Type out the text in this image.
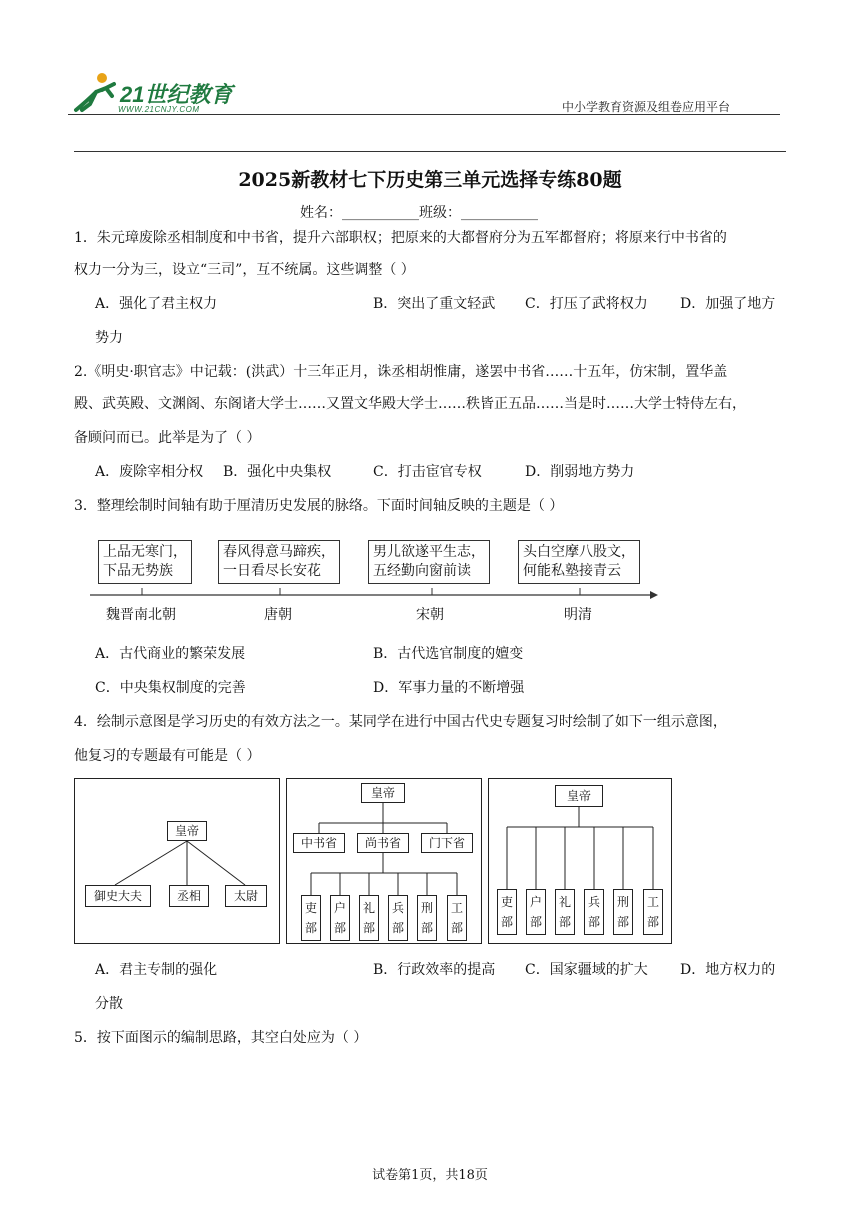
21世纪教育
WWW.21CNJY.COM	中小学教育资源及组卷应用平台
2025新教材七下历史第三单元选择专练80题
姓名：___________班级：___________
1．朱元璋废除丞相制度和中书省，提升六部职权；把原来的大都督府分为五军都督府；将原来行中书省的
权力一分为三，设立“三司”，互不统属。这些调整（ ）
A．强化了君主权力	B．突出了重文轻武 C．打压了武将权力 D．加强了地方
势力
2.《明史·职官志》中记载：(洪武）十三年正月，诛丞相胡惟庸，遂罢中书省……十五年，仿宋制，置华盖
殿、武英殿、文渊阁、东阁诸大学士……又置文华殿大学士……秩皆正五品……当是时……大学士特侍左右，
备顾问而已。此举是为了（ ）
A．废除宰相分权 B．强化中央集权	C．打击宦官专权	D．削弱地方势力
3．整理绘制时间轴有助于厘清历史发展的脉络。下面时间轴反映的主题是（ ）
上品无寒门，
下品无势族
春风得意马蹄疾，
一日看尽长安花
男儿欲遂平生志，
五经勤向窗前读
头白空摩八股文，
何能私塾接青云
魏晋南北朝	唐朝	宋朝	明清
A．古代商业的繁荣发展	B．古代选官制度的嬗变
C．中央集权制度的完善	D．军事力量的不断增强
4．绘制示意图是学习历史的有效方法之一。某同学在进行中国古代史专题复习时绘制了如下一组示意图，
他复习的专题最有可能是（ ）
皇帝
御史大夫	丞相	太尉
皇帝
中书省	尚书省	门下省
吏部
户部
礼部
兵部
刑部
工部
皇帝
吏部
户部
礼部
兵部
刑部
工部
A．君主专制的强化	B．行政效率的提高 C．国家疆域的扩大 D．地方权力的
分散
5．按下面图示的编制思路，其空白处应为（ ）
试卷第1页，共18页
